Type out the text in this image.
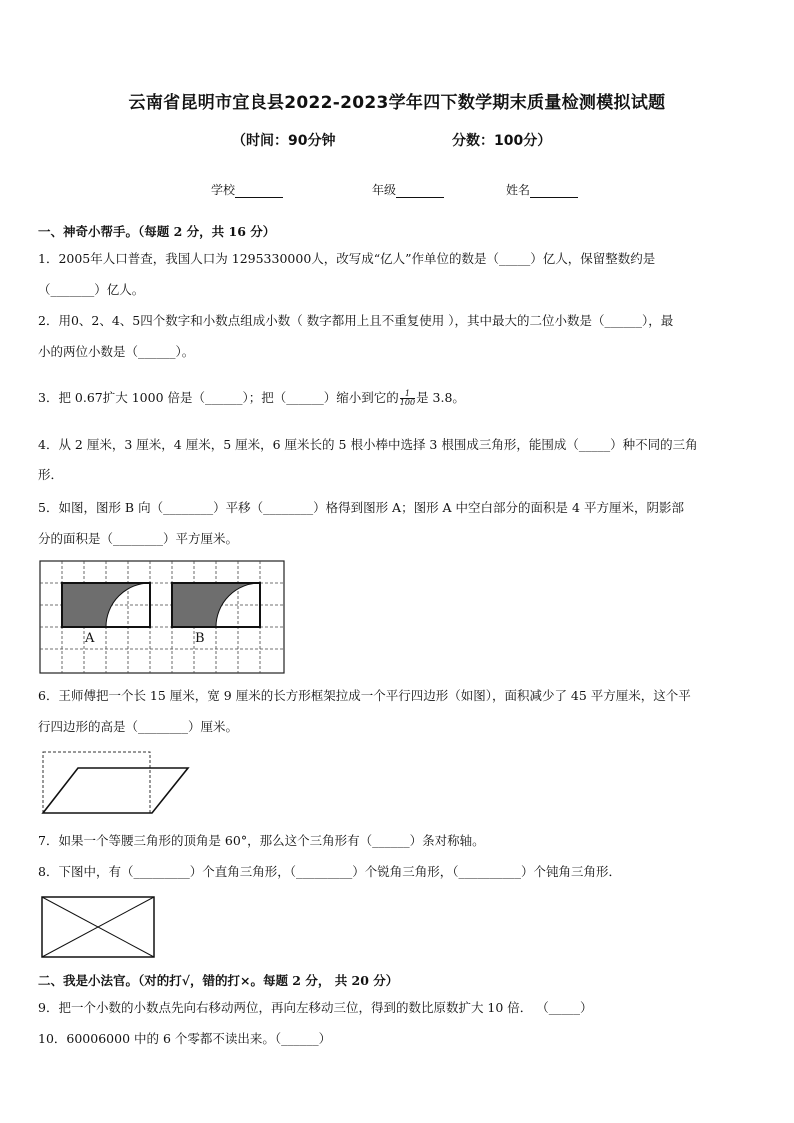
云南省昆明市宜良县2022-2023学年四下数学期末质量检测模拟试题
（时间：90分钟	分数：100分）
学校	年级	姓名
一、神奇小帮手。（每题 2 分，共 16 分）
1．2005年人口普查，我国人口为 1295330000人，改写成“亿人”作单位的数是（_____）亿人，保留整数约是
（_______）亿人。
2．用0、2、4、5四个数字和小数点组成小数（ 数字都用上且不重复使用 ），其中最大的二位小数是（______），最
小的两位小数是（______）。
3．把 0.67扩大 1000 倍是（______）；把（______）缩小到它的 $\frac{1}{100}$ 是 3.8。
4．从 2 厘米，3 厘米，4 厘米，5 厘米，6 厘米长的 5 根小棒中选择 3 根围成三角形，能围成（_____）种不同的三角
形．
5．如图，图形 B 向（________）平移（________）格得到图形 A；图形 A 中空白部分的面积是 4 平方厘米，阴影部
分的面积是（________）平方厘米。
A	B
6．王师傅把一个长 15 厘米，宽 9 厘米的长方形框架拉成一个平行四边形（如图），面积减少了 45 平方厘米，这个平
行四边形的高是（________）厘米。
7．如果一个等腰三角形的顶角是 60°，那么这个三角形有（______）条对称轴。
8．下图中，有（_________）个直角三角形，（_________）个锐角三角形，（__________）个钝角三角形．
二、我是小法官。（对的打√，错的打×。每题 2 分， 共 20 分）
9．把一个小数的小数点先向右移动两位，再向左移动三位，得到的数比原数扩大 10 倍． （_____）
10．60006000 中的 6 个零都不读出来。（______）
